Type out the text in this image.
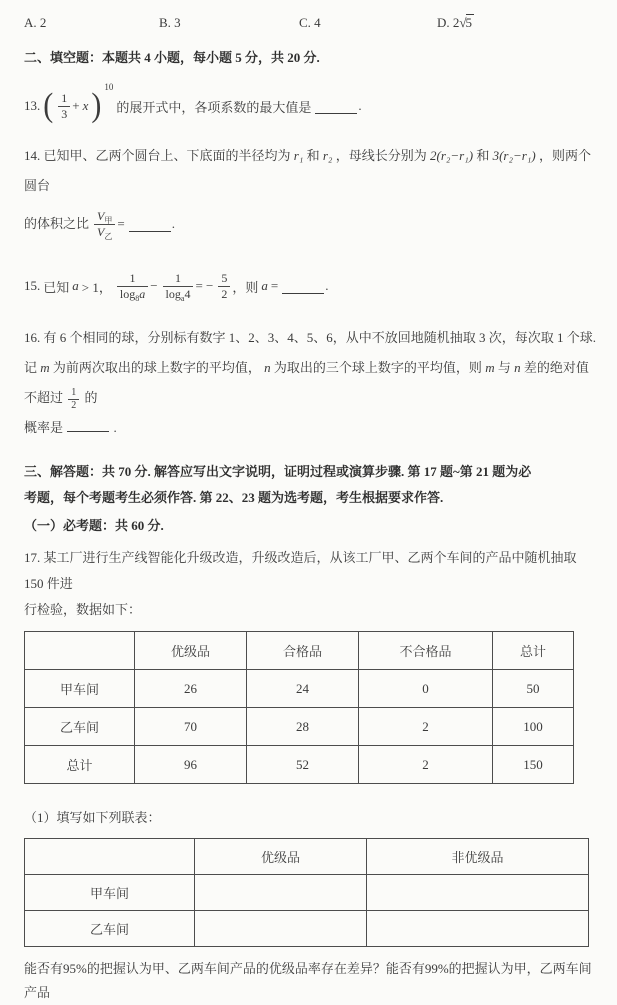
A. 2	B. 3	C. 4	D. 2 √ 5
二、填空题：本题共 4 小题，每小题 5 分，共 20 分.
13. ( $\frac{1}{3} + x$ ) 10
的展开式中，各项系数的最大值是	.
14. 已知甲、乙两个圆台上、下底面的半径均为 r₁ 和 r₂ ，母线长分别为 2(r₂−r₁) 和 3(r₂−r₁) ，则两个圆台
的体积之比 $\frac{V_甲}{V_乙}$ =	.
15. 已知 a > 1， $\frac{1}{\log_8 a} - \frac{1}{\log_a 4}$ = − $\frac{5}{2}$ ，则 a =	.
16. 有 6 个相同的球，分别标有数字 1、2、3、4、5、6，从中不放回地随机抽取 3 次，每次取 1 个球.记 m 为前两次取出的球上数字的平均值， n 为取出的三个球上数字的平均值，则 m 与 n 差的绝对值不超过 $\frac{1}{2}$ 的
概率是	.
三、解答题：共 70 分. 解答应写出文字说明，证明过程或演算步骤. 第 17 题~第 21 题为必
考题，每个考题考生必须作答. 第 22、23 题为选考题，考生根据要求作答.
（一）必考题：共 60 分.
17. 某工厂进行生产线智能化升级改造，升级改造后，从该工厂甲、乙两个车间的产品中随机抽取 150 件进
行检验，数据如下：
	优级品	合格品	不合格品	总计
甲车间	26	24	0	50
乙车间	70	28	2	100
总计	96	52	2	150
（1）填写如下列联表：
	优级品	非优级品
甲车间		
乙车间		
能否有95%的把握认为甲、乙两车间产品的优级品率存在差异？能否有99%的把握认为甲，乙两车间产品
